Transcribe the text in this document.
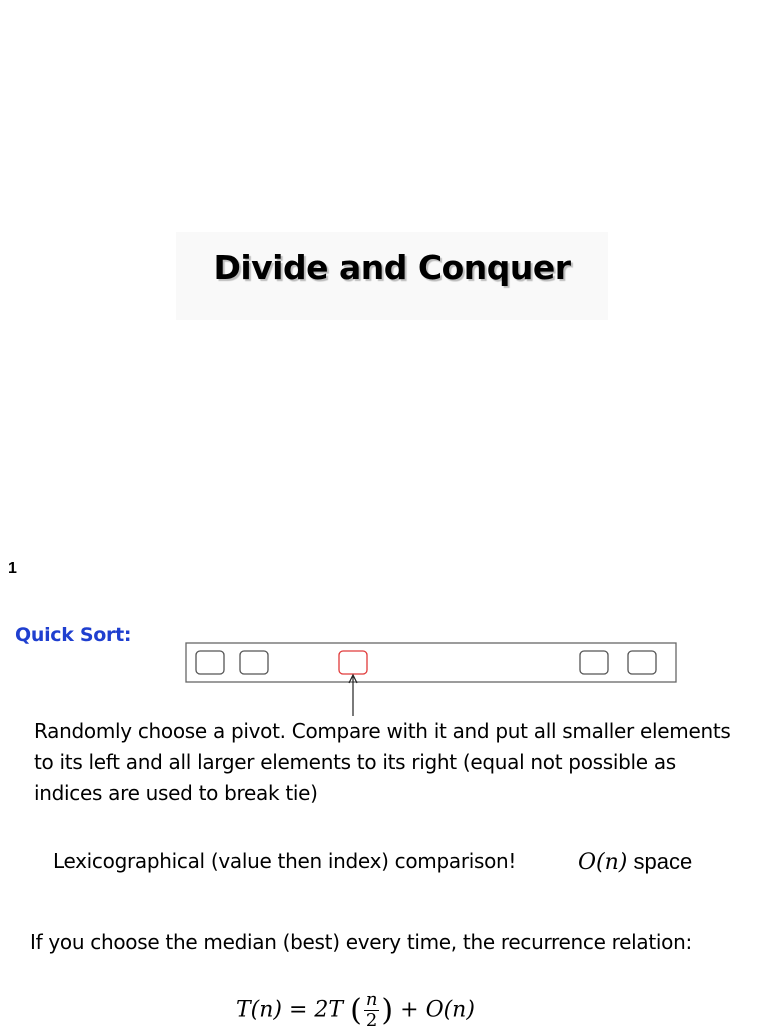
Divide and Conquer
1
Quick Sort:
Randomly choose a pivot. Compare with it and put all smaller elements to its left and all larger elements to its right (equal not possible as indices are used to break tie)
Lexicographical (value then index) comparison!	O(n) space
If you choose the median (best) every time, the recurrence relation:
T(n) = 2T ( $\frac{n}{2}$ ) + O(n)
